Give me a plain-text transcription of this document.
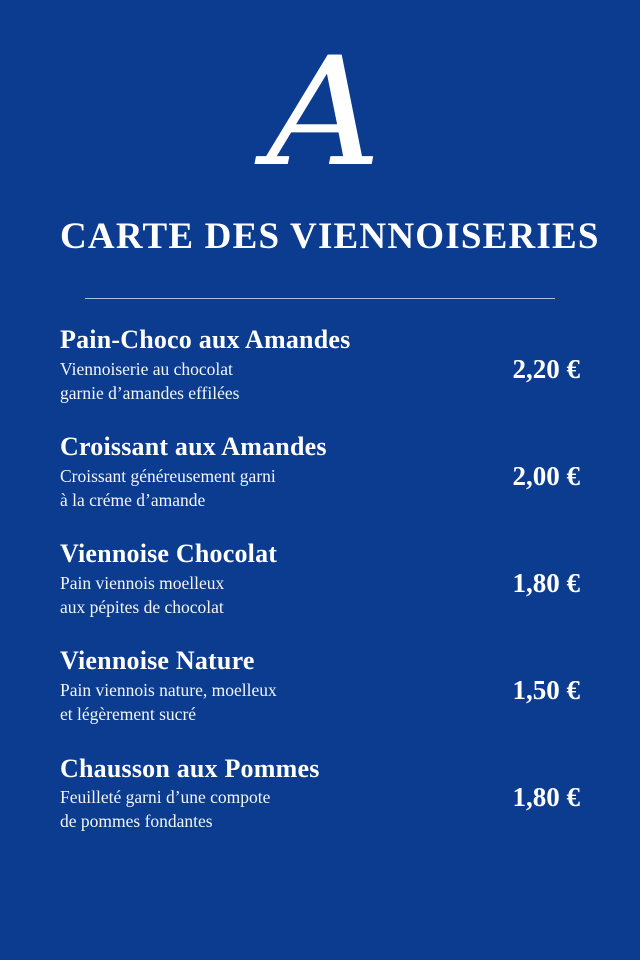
A
CARTE DES VIENNOISERIES
Pain-Choco aux Amandes
Viennoiserie au chocolat
garnie d’amandes effilées
2,20 €
Croissant aux Amandes
Croissant généreusement garni
à la créme d’amande
2,00 €
Viennoise Chocolat
Pain viennois moelleux
aux pépites de chocolat
1,80 €
Viennoise Nature
Pain viennois nature, moelleux
et légèrement sucré
1,50 €
Chausson aux Pommes
Feuilleté garni d’une compote
de pommes fondantes
1,80 €
